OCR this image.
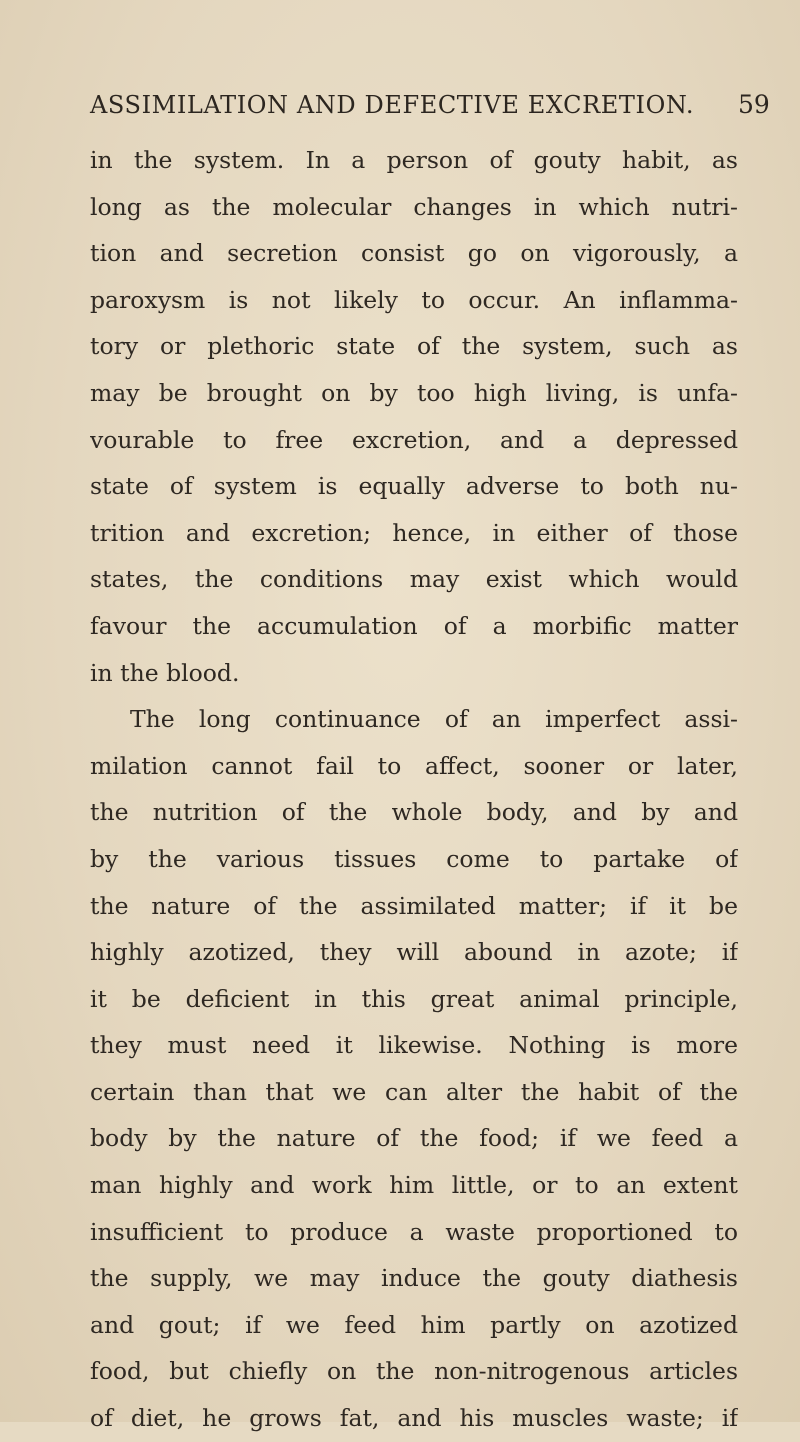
ASSIMILATION AND DEFECTIVE EXCRETION. 59
in the system. In a person of gouty habit, as
long as the molecular changes in which nutri-
tion and secretion consist go on vigorously, a
paroxysm is not likely to occur. An inflamma-
tory or plethoric state of the system, such as
may be brought on by too high living, is unfa-
vourable to free excretion, and a depressed
state of system is equally adverse to both nu-
trition and excretion; hence, in either of those
states, the conditions may exist which would
favour the accumulation of a morbific matter
in the blood.
The long continuance of an imperfect assi-
milation cannot fail to affect, sooner or later,
the nutrition of the whole body, and by and
by the various tissues come to partake of
the nature of the assimilated matter; if it be
highly azotized, they will abound in azote; if
it be deficient in this great animal principle,
they must need it likewise. Nothing is more
certain than that we can alter the habit of the
body by the nature of the food; if we feed a
man highly and work him little, or to an extent
insufficient to produce a waste proportioned to
the supply, we may induce the gouty diathesis
and gout; if we feed him partly on azotized
food, but chiefly on the non-nitrogenous articles
of diet, he grows fat, and his muscles waste; if
